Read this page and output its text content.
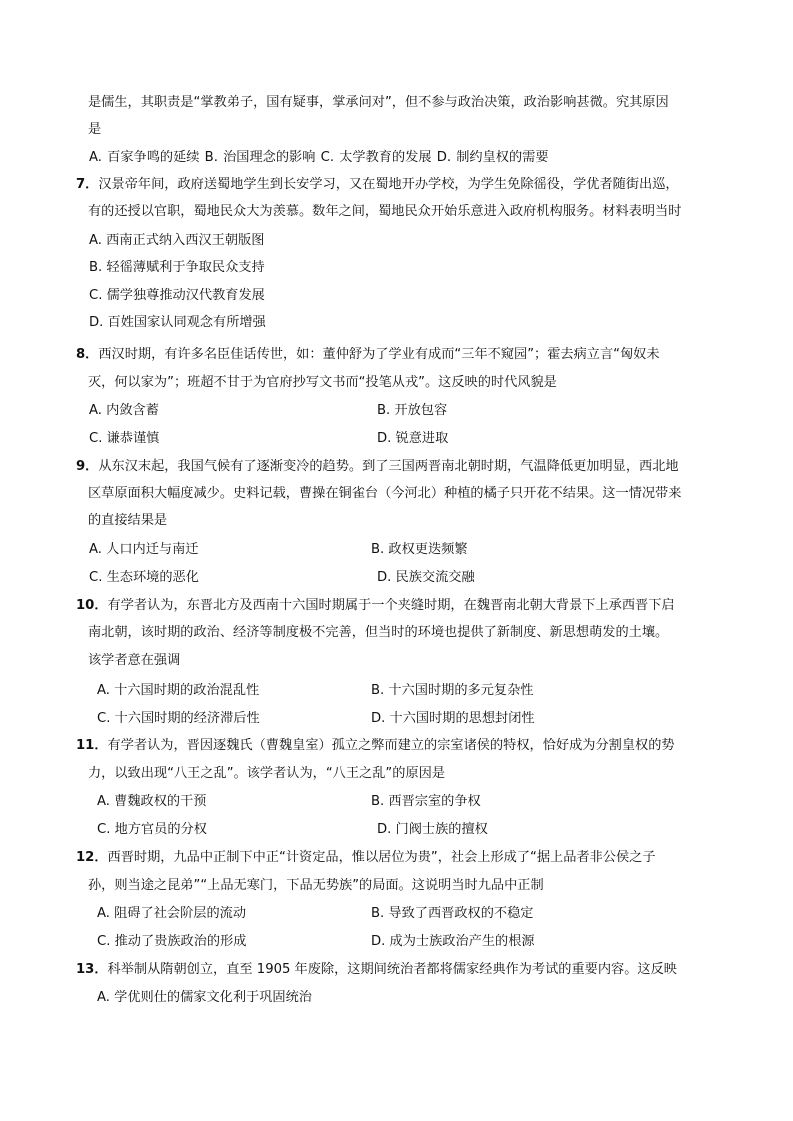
是儒生，其职责是“掌教弟子，国有疑事，掌承问对”，但不参与政治决策，政治影响甚微。究其原因
是
A. 百家争鸣的延续 B. 治国理念的影响 C. 太学教育的发展 D. 制约皇权的需要
7．汉景帝年间，政府送蜀地学生到长安学习，又在蜀地开办学校，为学生免除徭役，学优者随街出巡，
有的还授以官职，蜀地民众大为羡慕。数年之间，蜀地民众开始乐意进入政府机构服务。材料表明当时
A. 西南正式纳入西汉王朝版图
B. 轻徭薄赋利于争取民众支持
C. 儒学独尊推动汉代教育发展
D. 百姓国家认同观念有所增强
8．西汉时期，有许多名臣佳话传世，如：董仲舒为了学业有成而“三年不窥园”；霍去病立言“匈奴未
灭，何以家为”；班超不甘于为官府抄写文书而“投笔从戎”。这反映的时代风貌是
A. 内敛含蓄	B. 开放包容
C. 谦恭谨慎	D. 锐意进取
9．从东汉末起，我国气候有了逐渐变冷的趋势。到了三国两晋南北朝时期，气温降低更加明显，西北地
区草原面积大幅度减少。史料记载，曹操在铜雀台（今河北）种植的橘子只开花不结果。这一情况带来
的直接结果是
A. 人口内迁与南迁	B. 政权更迭频繁
C. 生态环境的恶化	D. 民族交流交融
10．有学者认为，东晋北方及西南十六国时期属于一个夹缝时期，在魏晋南北朝大背景下上承西晋下启
南北朝，该时期的政治、经济等制度极不完善，但当时的环境也提供了新制度、新思想萌发的土壤。
该学者意在强调
A. 十六国时期的政治混乱性	B. 十六国时期的多元复杂性
C. 十六国时期的经济滞后性	D. 十六国时期的思想封闭性
11．有学者认为，晋因逐魏氏（曹魏皇室）孤立之弊而建立的宗室诸侯的特权，恰好成为分割皇权的势
力，以致出现“八王之乱”。该学者认为，“八王之乱”的原因是
A. 曹魏政权的干预	B. 西晋宗室的争权
C. 地方官员的分权	D. 门阀士族的擅权
12．西晋时期，九品中正制下中正“计资定品，惟以居位为贵”，社会上形成了“据上品者非公侯之子
孙，则当途之昆弟”“上品无寒门，下品无势族”的局面。这说明当时九品中正制
A. 阻碍了社会阶层的流动	B. 导致了西晋政权的不稳定
C. 推动了贵族政治的形成	D. 成为士族政治产生的根源
13．科举制从隋朝创立，直至 1905 年废除，这期间统治者都将儒家经典作为考试的重要内容。这反映
A. 学优则仕的儒家文化利于巩固统治
